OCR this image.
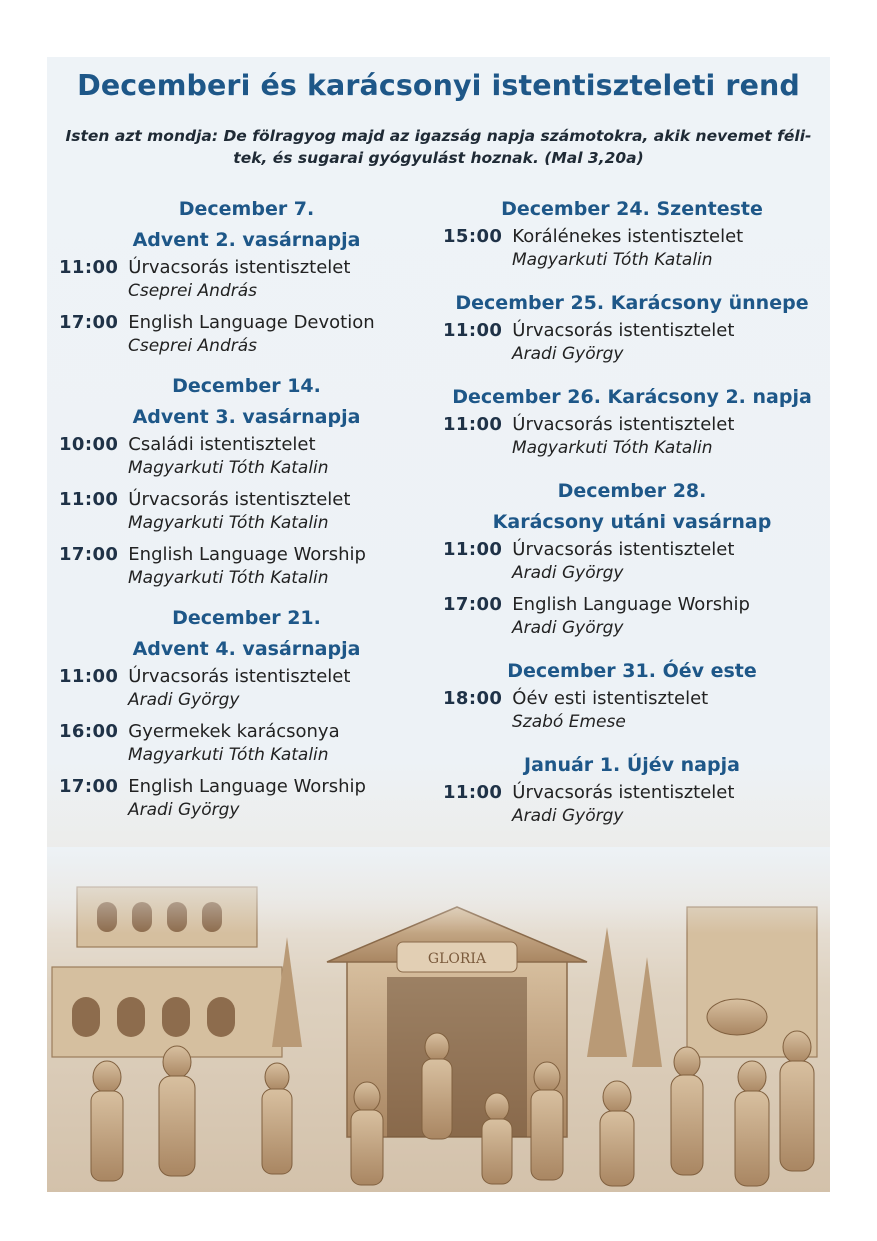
Decemberi és karácsonyi istentiszteleti rend
Isten azt mondja: De fölragyog majd az igazság napja számotokra, akik nevemet féli-
tek, és sugarai gyógyulást hoznak. (Mal 3,20a)
December 7.
Advent 2. vasárnapja
11:00 Úrvacsorás istentisztelet
Cseprei András
17:00 English Language Devotion
Cseprei András
December 14.
Advent 3. vasárnapja
10:00 Családi istentisztelet
Magyarkuti Tóth Katalin
11:00 Úrvacsorás istentisztelet
Magyarkuti Tóth Katalin
17:00 English Language Worship
Magyarkuti Tóth Katalin
December 21.
Advent 4. vasárnapja
11:00 Úrvacsorás istentisztelet
Aradi György
16:00 Gyermekek karácsonya
Magyarkuti Tóth Katalin
17:00 English Language Worship
Aradi György
December 24. Szenteste
15:00 Korálénekes istentisztelet
Magyarkuti Tóth Katalin
December 25. Karácsony ünnepe
11:00 Úrvacsorás istentisztelet
Aradi György
December 26. Karácsony 2. napja
11:00 Úrvacsorás istentisztelet
Magyarkuti Tóth Katalin
December 28.
Karácsony utáni vasárnap
11:00 Úrvacsorás istentisztelet
Aradi György
17:00 English Language Worship
Aradi György
December 31. Óév este
18:00 Óév esti istentisztelet
Szabó Emese
Január 1. Újév napja
11:00 Úrvacsorás istentisztelet
Aradi György
